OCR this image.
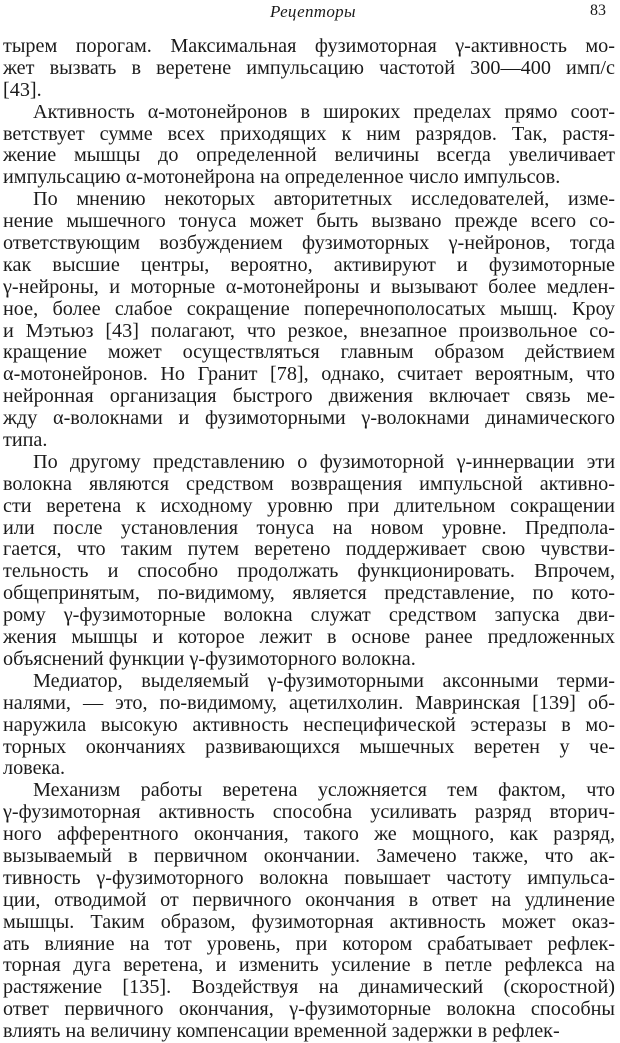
Рецепторы	83
тырем порогам. Максимальная фузимоторная γ-активность мо-
жет вызвать в веретене импульсацию частотой 300—400 имп/с
[43].
Активность α-мотонейронов в широких пределах прямо соот-
ветствует сумме всех приходящих к ним разрядов. Так, растя-
жение мышцы до определенной величины всегда увеличивает
импульсацию α-мотонейрона на определенное число импульсов.
По мнению некоторых авторитетных исследователей, изме-
нение мышечного тонуса может быть вызвано прежде всего со-
ответствующим возбуждением фузимоторных γ-нейронов, тогда
как высшие центры, вероятно, активируют и фузимоторные
γ-нейроны, и моторные α-мотонейроны и вызывают более медлен-
ное, более слабое сокращение поперечнополосатых мышц. Кроу
и Мэтьюз [43] полагают, что резкое, внезапное произвольное со-
кращение может осуществляться главным образом действием
α-мотонейронов. Но Гранит [78], однако, считает вероятным, что
нейронная организация быстрого движения включает связь ме-
жду α-волокнами и фузимоторными γ-волокнами динамического
типа.
По другому представлению о фузимоторной γ-иннервации эти
волокна являются средством возвращения импульсной активно-
сти веретена к исходному уровню при длительном сокращении
или после установления тонуса на новом уровне. Предпола-
гается, что таким путем веретено поддерживает свою чувстви-
тельность и способно продолжать функционировать. Впрочем,
общепринятым, по-видимому, является представление, по кото-
рому γ-фузимоторные волокна служат средством запуска дви-
жения мышцы и которое лежит в основе ранее предложенных
объяснений функции γ-фузимоторного волокна.
Медиатор, выделяемый γ-фузимоторными аксонными терми-
налями, — это, по-видимому, ацетилхолин. Мавринская [139] об-
наружила высокую активность неспецифической эстеразы в мо-
торных окончаниях развивающихся мышечных веретен у че-
ловека.
Механизм работы веретена усложняется тем фактом, что
γ-фузимоторная активность способна усиливать разряд вторич-
ного афферентного окончания, такого же мощного, как разряд,
вызываемый в первичном окончании. Замечено также, что ак-
тивность γ-фузимоторного волокна повышает частоту импульса-
ции, отводимой от первичного окончания в ответ на удлинение
мышцы. Таким образом, фузимоторная активность может оказ-
ать влияние на тот уровень, при котором срабатывает рефлек-
торная дуга веретена, и изменить усиление в петле рефлекса на
растяжение [135]. Воздействуя на динамический (скоростной)
ответ первичного окончания, γ-фузимоторные волокна способны
влиять на величину компенсации временной задержки в рефлек-
